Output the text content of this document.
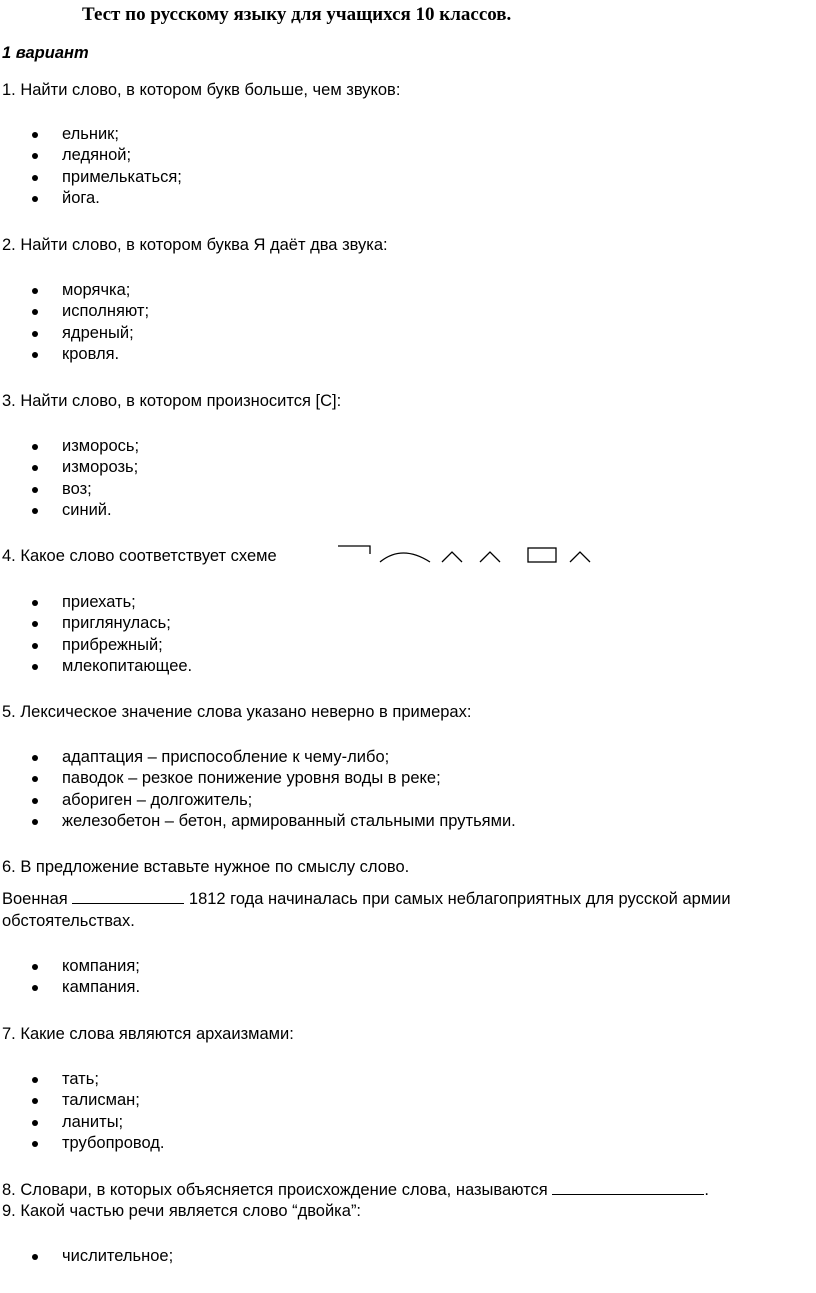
Тест по русскому языку для учащихся 10 классов.
1 вариант
1. Найти слово, в котором букв больше, чем звуков:
ельник;
ледяной;
примелькаться;
йога.
2. Найти слово, в котором буква Я даёт два звука:
морячка;
исполняют;
ядреный;
кровля.
3. Найти слово, в котором произносится [С]:
изморось;
изморозь;
воз;
синий.
4. Какое слово соответствует схеме
приехать;
приглянулась;
прибрежный;
млекопитающее.
5. Лексическое значение слова указано неверно в примерах:
адаптация – приспособление к чему-либо;
паводок – резкое понижение уровня воды в реке;
абориген – долгожитель;
железобетон – бетон, армированный стальными прутьями.
6. В предложение вставьте нужное по смыслу слово.
Военная	1812 года начиналась при самых неблагоприятных для русской армии обстоятельствах.
компания;
кампания.
7. Какие слова являются архаизмами:
тать;
талисман;
ланиты;
трубопровод.
8. Словари, в которых объясняется происхождение слова, называются	.
9. Какой частью речи является слово “двойка”:
числительное;
